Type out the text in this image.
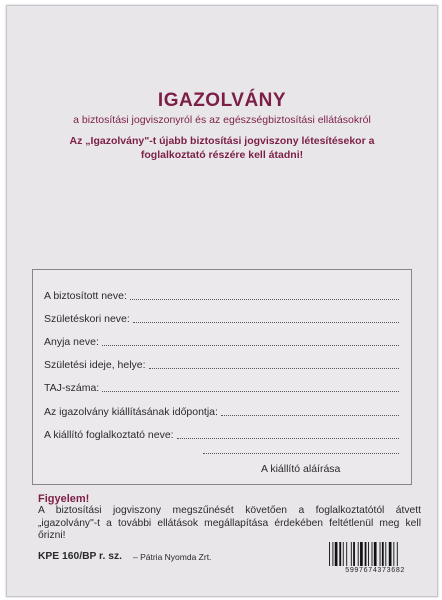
IGAZOLVÁNY
a biztosítási jogviszonyról és az egészségbiztosítási ellátásokról
Az „Igazolvány"-t újabb biztosítási jogviszony létesítésekor a foglalkoztató részére kell átadni!
A biztosított neve:
Születéskori neve:
Anyja neve:
Születési ideje, helye:
TAJ-száma:
Az igazolvány kiállításának időpontja:
A kiállító foglalkoztató neve:
A kiállító aláírása
Figyelem!
A biztosítási jogviszony megszűnését követően a foglalkoztatótól átvett „igazolvány"-t a további ellátások megállapítása érdekében feltétlenül meg kell őrizni!
KPE 160/BP r. sz. – Pátria Nyomda Zrt.
5997674373682
